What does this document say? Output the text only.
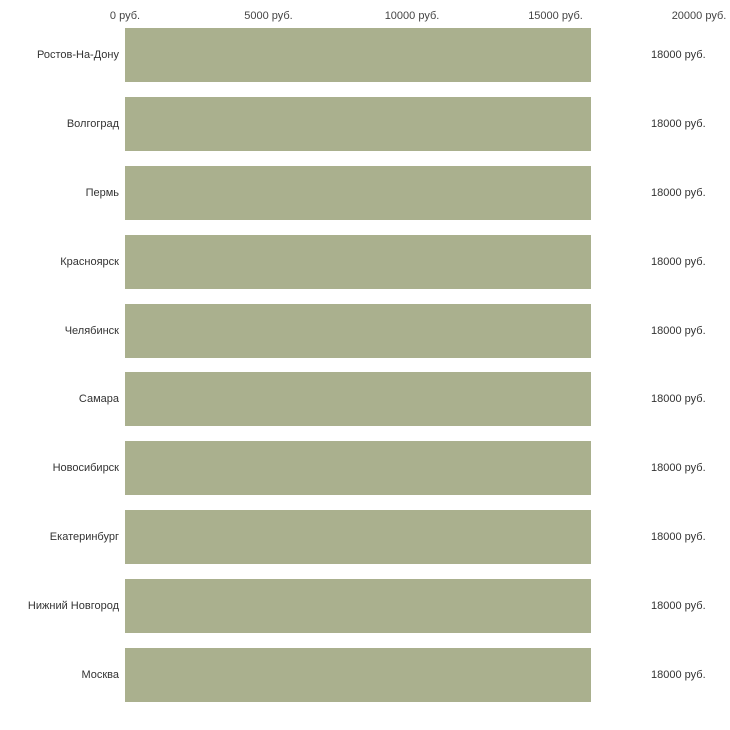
0 руб.	5000 руб.	10000 руб.	15000 руб.	20000 руб.
Ростов-На-Дону	18000 руб.
Волгоград	18000 руб.
Пермь	18000 руб.
Красноярск	18000 руб.
Челябинск	18000 руб.
Самара	18000 руб.
Новосибирск	18000 руб.
Екатеринбург	18000 руб.
Нижний Новгород	18000 руб.
Москва	18000 руб.
